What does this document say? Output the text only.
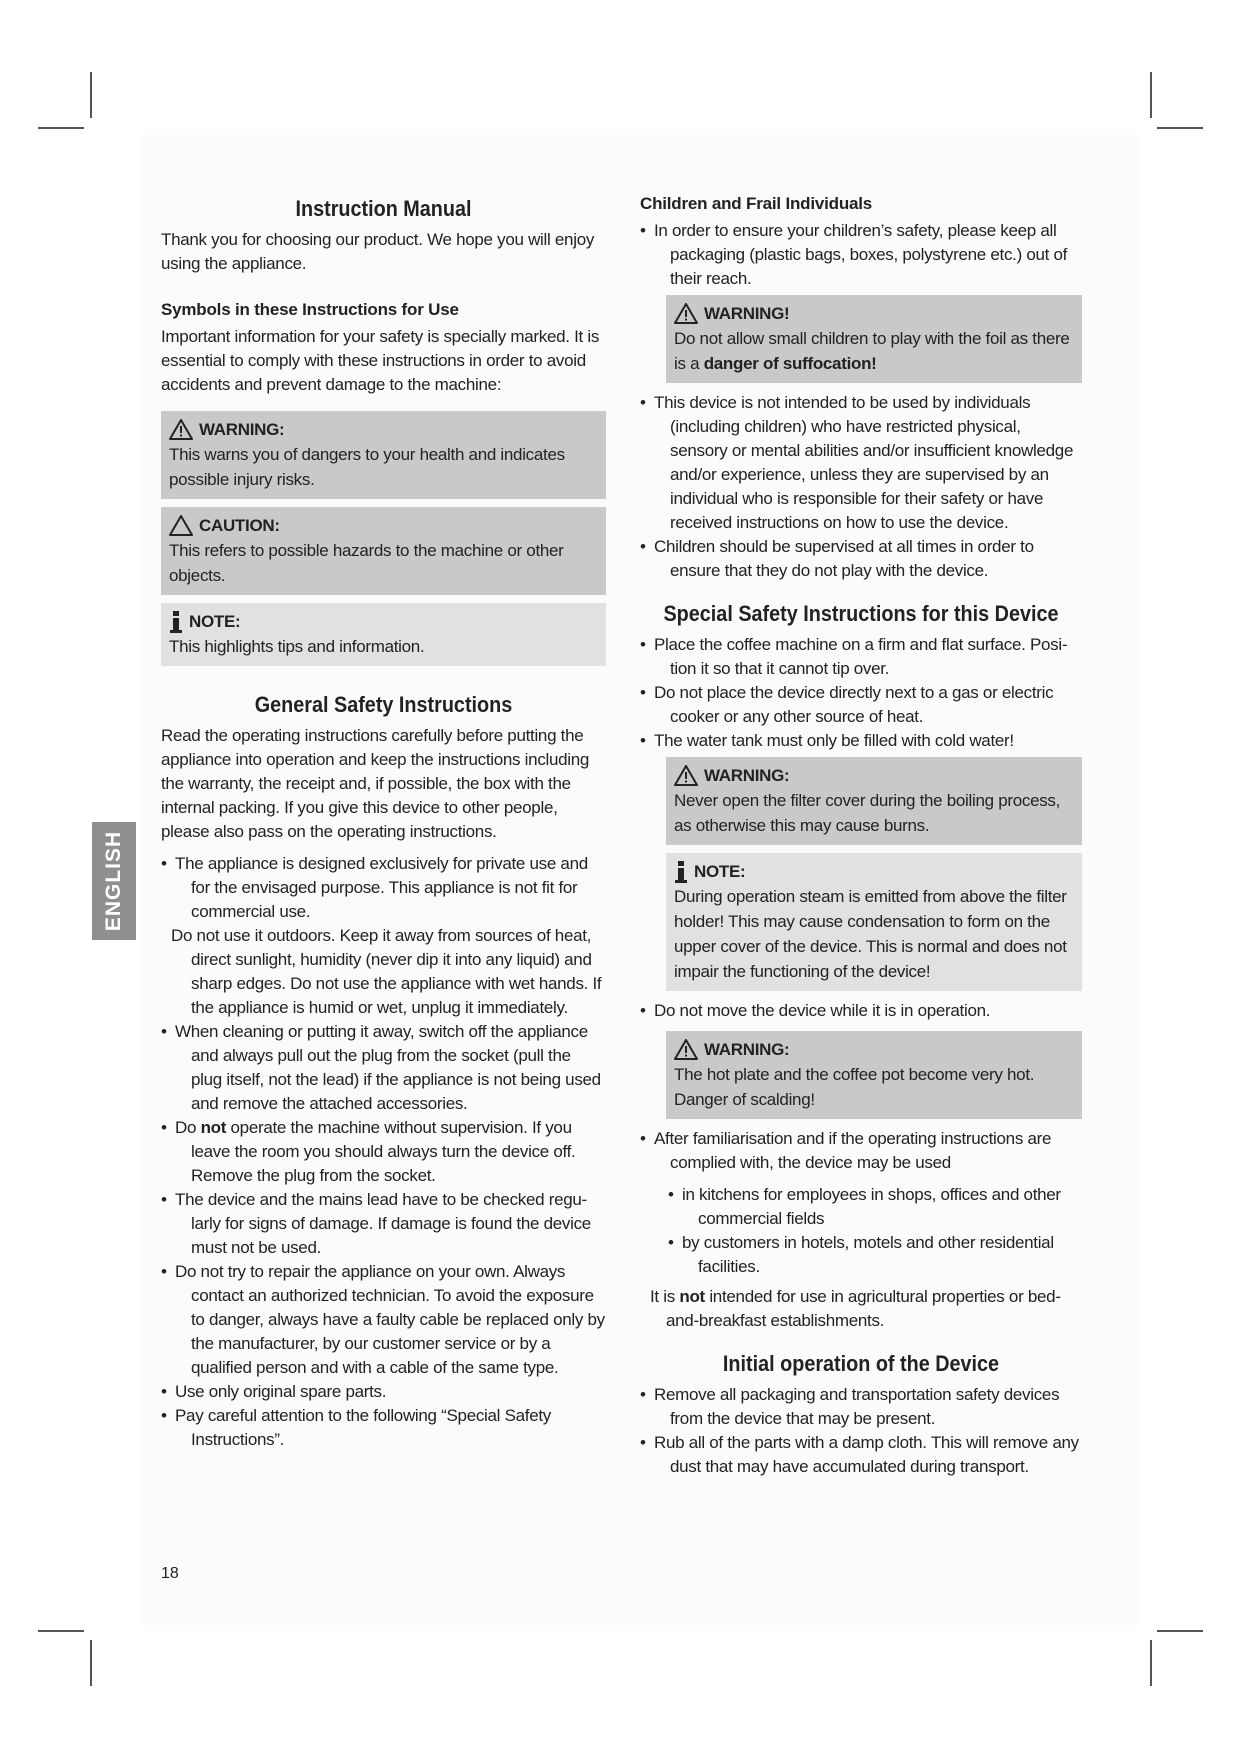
ENGLISH
Instruction Manual

Thank you for choosing our product. We hope you will enjoy using the appliance.

Symbols in these Instructions for Use

Important information for your safety is specially marked. It is essential to comply with these instructions in order to avoid accidents and prevent damage to the machine:

WARNING:
This warns you of dangers to your health and indicates possible injury risks.
CAUTION:
This refers to possible hazards to the machine or other objects.
NOTE:
This highlights tips and information.
General Safety Instructions

Read the operating instructions carefully before putting the appliance into operation and keep the instructions including the warranty, the receipt and, if possible, the box with the internal packing. If you give this device to other people, please also pass on the operating instructions.

• The appliance is designed exclusively for private use and
for the envisaged purpose. This appliance is not fit for commercial use.
Do not use it outdoors. Keep it away from sources of heat,
direct sunlight, humidity (never dip it into any liquid) and sharp edges. Do not use the appliance with wet hands. If the appliance is humid or wet, unplug it immediately.
• When cleaning or putting it away, switch off the appliance
and always pull out the plug from the socket (pull the plug itself, not the lead) if the appliance is not being used and remove the attached accessories.
• Do not operate the machine without supervision. If you
leave the room you should always turn the device off. Remove the plug from the socket.
• The device and the mains lead have to be checked regu-
larly for signs of damage. If damage is found the device must not be used.
• Do not try to repair the appliance on your own. Always
contact an authorized technician. To avoid the exposure to danger, always have a faulty cable be replaced only by the manufacturer, by our customer service or by a qualified person and with a cable of the same type.
• Use only original spare parts.
• Pay careful attention to the following “Special Safety
Instructions”.
Children and Frail Individuals
• In order to ensure your children’s safety, please keep all
packaging (plastic bags, boxes, polystyrene etc.) out of their reach.
WARNING!
Do not allow small children to play with the foil as there is a danger of suffocation!
• This device is not intended to be used by individuals
(including children) who have restricted physical, sensory or mental abilities and/or insufficient knowledge and/or experience, unless they are supervised by an individual who is responsible for their safety or have received instructions on how to use the device.
• Children should be supervised at all times in order to
ensure that they do not play with the device.
Special Safety Instructions for this Device
• Place the coffee machine on a firm and flat surface. Posi-
tion it so that it cannot tip over.
• Do not place the device directly next to a gas or electric
cooker or any other source of heat.
• The water tank must only be filled with cold water!
WARNING:
Never open the filter cover during the boiling process, as otherwise this may cause burns.
NOTE:
During operation steam is emitted from above the filter holder! This may cause condensation to form on the upper cover of the device. This is normal and does not impair the functioning of the device!
• Do not move the device while it is in operation.
WARNING:
The hot plate and the coffee pot become very hot. Danger of scalding!
• After familiarisation and if the operating instructions are
complied with, the device may be used
• in kitchens for employees in shops, offices and other
commercial fields
• by customers in hotels, motels and other residential
facilities.
It is not intended for use in agricultural properties or bed-
and-breakfast establishments.
Initial operation of the Device
• Remove all packaging and transportation safety devices
from the device that may be present.
• Rub all of the parts with a damp cloth. This will remove any
dust that may have accumulated during transport.
18
